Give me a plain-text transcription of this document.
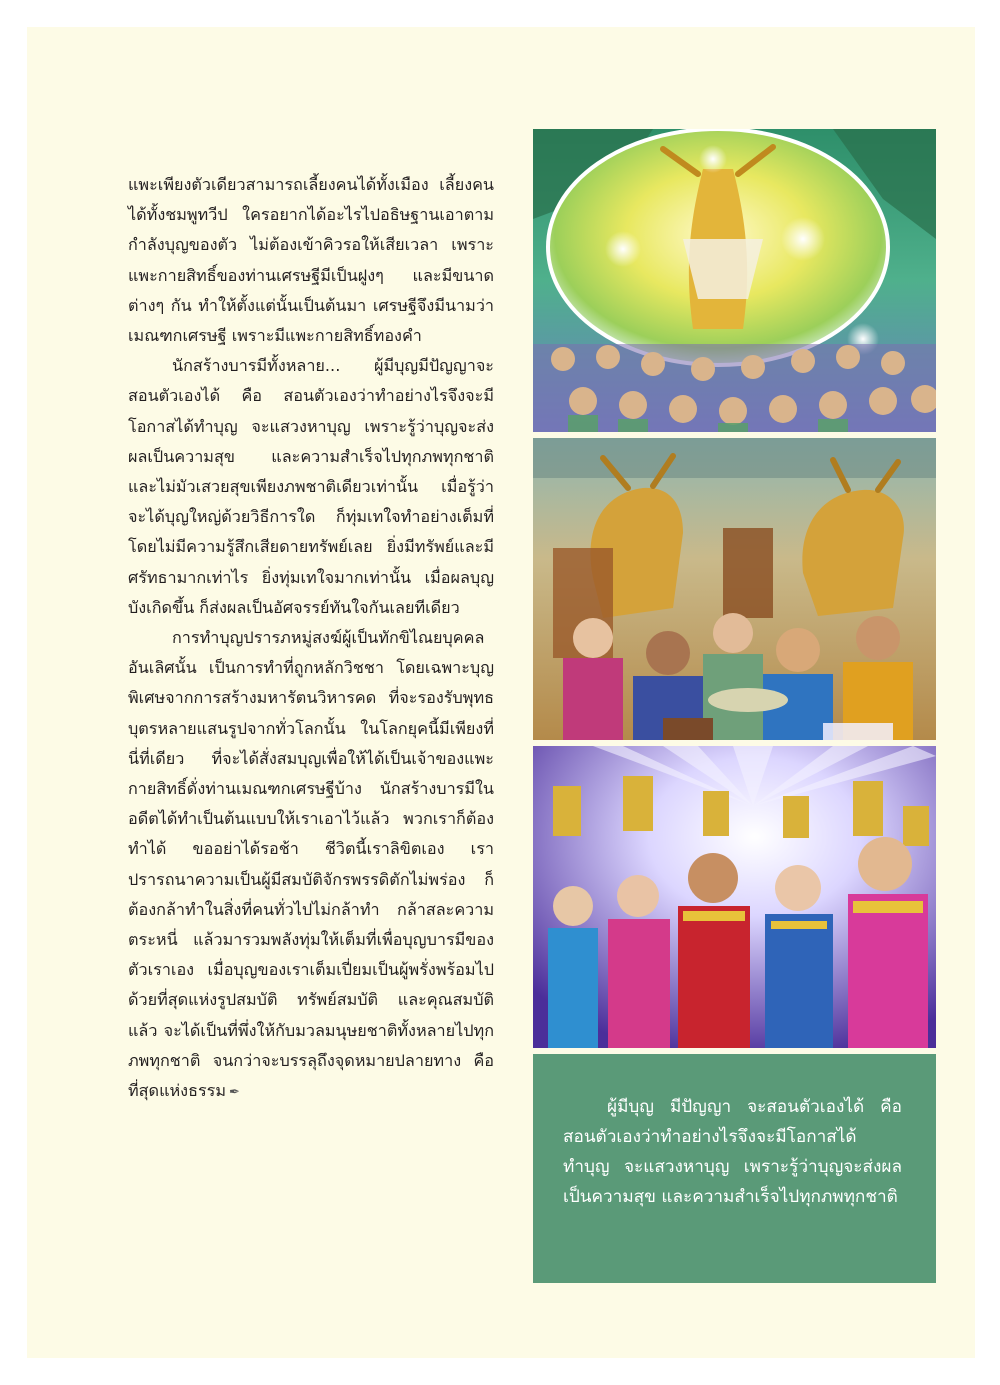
แพะเพียงตัวเดียวสามารถเลี้ยงคนได้ทั้งเมือง เลี้ยงคนได้ทั้งชมพูทวีป ใครอยากได้อะไรไปอธิษฐานเอาตามกำลังบุญของตัว ไม่ต้องเข้าคิวรอให้เสียเวลา เพราะแพะกายสิทธิ์ของท่านเศรษฐีมีเป็นฝูงๆ และมีขนาดต่างๆ กัน ทำให้ตั้งแต่นั้นเป็นต้นมา เศรษฐีจึงมีนามว่า เมณฑกเศรษฐี เพราะมีแพะกายสิทธิ์ทองคำ

นักสร้างบารมีทั้งหลาย... ผู้มีบุญมีปัญญาจะสอนตัวเองได้ คือ สอนตัวเองว่าทำอย่างไรจึงจะมีโอกาสได้ทำบุญ จะแสวงหาบุญ เพราะรู้ว่าบุญจะส่งผลเป็นความสุข และความสำเร็จไปทุกภพทุกชาติ และไม่มัวเสวยสุขเพียงภพชาติเดียวเท่านั้น เมื่อรู้ว่าจะได้บุญใหญ่ด้วยวิธีการใด ก็ทุ่มเทใจทำอย่างเต็มที่ โดยไม่มีความรู้สึกเสียดายทรัพย์เลย ยิ่งมีทรัพย์และมีศรัทธามากเท่าไร ยิ่งทุ่มเทใจมากเท่านั้น เมื่อผลบุญบังเกิดขึ้น ก็ส่งผลเป็นอัศจรรย์ทันใจกันเลยทีเดียว

การทำบุญปรารภหมู่สงฆ์ผู้เป็นทักขิไณยบุคคลอันเลิศนั้น เป็นการทำที่ถูกหลักวิชชา โดยเฉพาะบุญพิเศษจากการสร้างมหารัตนวิหารคด ที่จะรองรับพุทธบุตรหลายแสนรูปจากทั่วโลกนั้น ในโลกยุคนี้มีเพียงที่นี่ที่เดียว ที่จะได้สั่งสมบุญเพื่อให้ได้เป็นเจ้าของแพะกายสิทธิ์ดั่งท่านเมณฑกเศรษฐีบ้าง นักสร้างบารมีในอดีตได้ทำเป็นต้นแบบให้เราเอาไว้แล้ว พวกเราก็ต้องทำได้ ขออย่าได้รอช้า ชีวิตนี้เราลิขิตเอง เราปรารถนาความเป็นผู้มีสมบัติจักรพรรดิตักไม่พร่อง ก็ต้องกล้าทำในสิ่งที่คนทั่วไปไม่กล้าทำ กล้าสละความตระหนี่ แล้วมารวมพลังทุ่มให้เต็มที่เพื่อบุญบารมีของตัวเราเอง เมื่อบุญของเราเต็มเปี่ยมเป็นผู้พรั่งพร้อมไปด้วยที่สุดแห่งรูปสมบัติ ทรัพย์สมบัติ และคุณสมบัติแล้ว จะได้เป็นที่พึ่งให้กับมวลมนุษยชาติทั้งหลายไปทุกภพทุกชาติ จนกว่าจะบรรลุถึงจุดหมายปลายทาง คือ ที่สุดแห่งธรรม ✒

ผู้มีบุญ มีปัญญา จะสอนตัวเองได้ คือ สอนตัวเองว่าทำอย่างไรจึงจะมีโอกาสได้ทำบุญ จะแสวงหาบุญ เพราะรู้ว่าบุญจะส่งผลเป็นความสุข และความสำเร็จไปทุกภพทุกชาติ
